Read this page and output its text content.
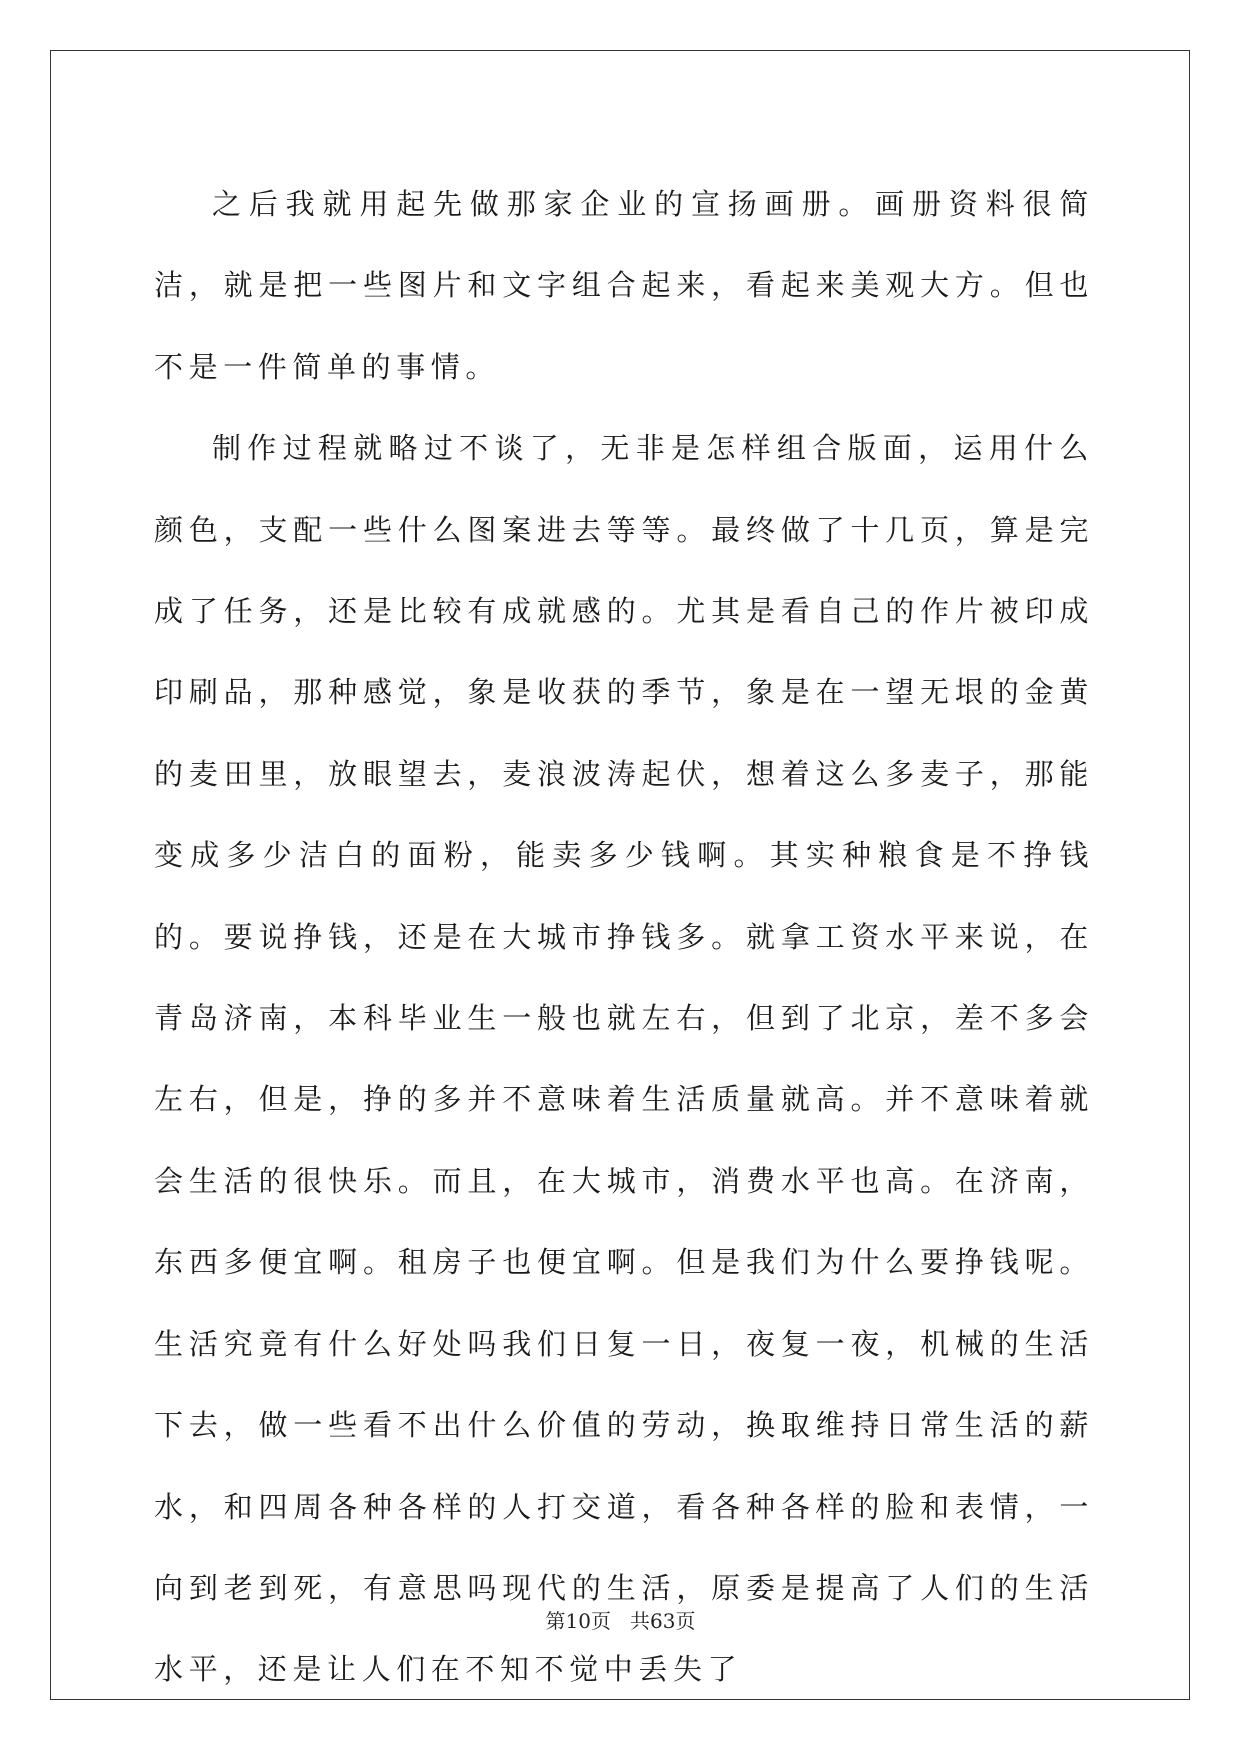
之后我就用起先做那家企业的宣扬画册。画册资料很简洁，就是把一些图片和文字组合起来，看起来美观大方。但也不是一件简单的事情。

制作过程就略过不谈了，无非是怎样组合版面，运用什么颜色，支配一些什么图案进去等等。最终做了十几页，算是完成了任务，还是比较有成就感的。尤其是看自己的作片被印成印刷品，那种感觉，象是收获的季节，象是在一望无垠的金黄的麦田里，放眼望去，麦浪波涛起伏，想着这么多麦子，那能变成多少洁白的面粉，能卖多少钱啊。其实种粮食是不挣钱的。要说挣钱，还是在大城市挣钱多。就拿工资水平来说，在青岛济南，本科毕业生一般也就左右，但到了北京，差不多会左右，但是，挣的多并不意味着生活质量就高。并不意味着就会生活的很快乐。而且，在大城市，消费水平也高。在济南，东西多便宜啊。租房子也便宜啊。但是我们为什么要挣钱呢。生活究竟有什么好处吗我们日复一日，夜复一夜，机械的生活下去，做一些看不出什么价值的劳动，换取维持日常生活的薪水，和四周各种各样的人打交道，看各种各样的脸和表情，一向到老到死，有意思吗现代的生活，原委是提高了人们的生活水平，还是让人们在不知不觉中丢失了

第10页 共63页
